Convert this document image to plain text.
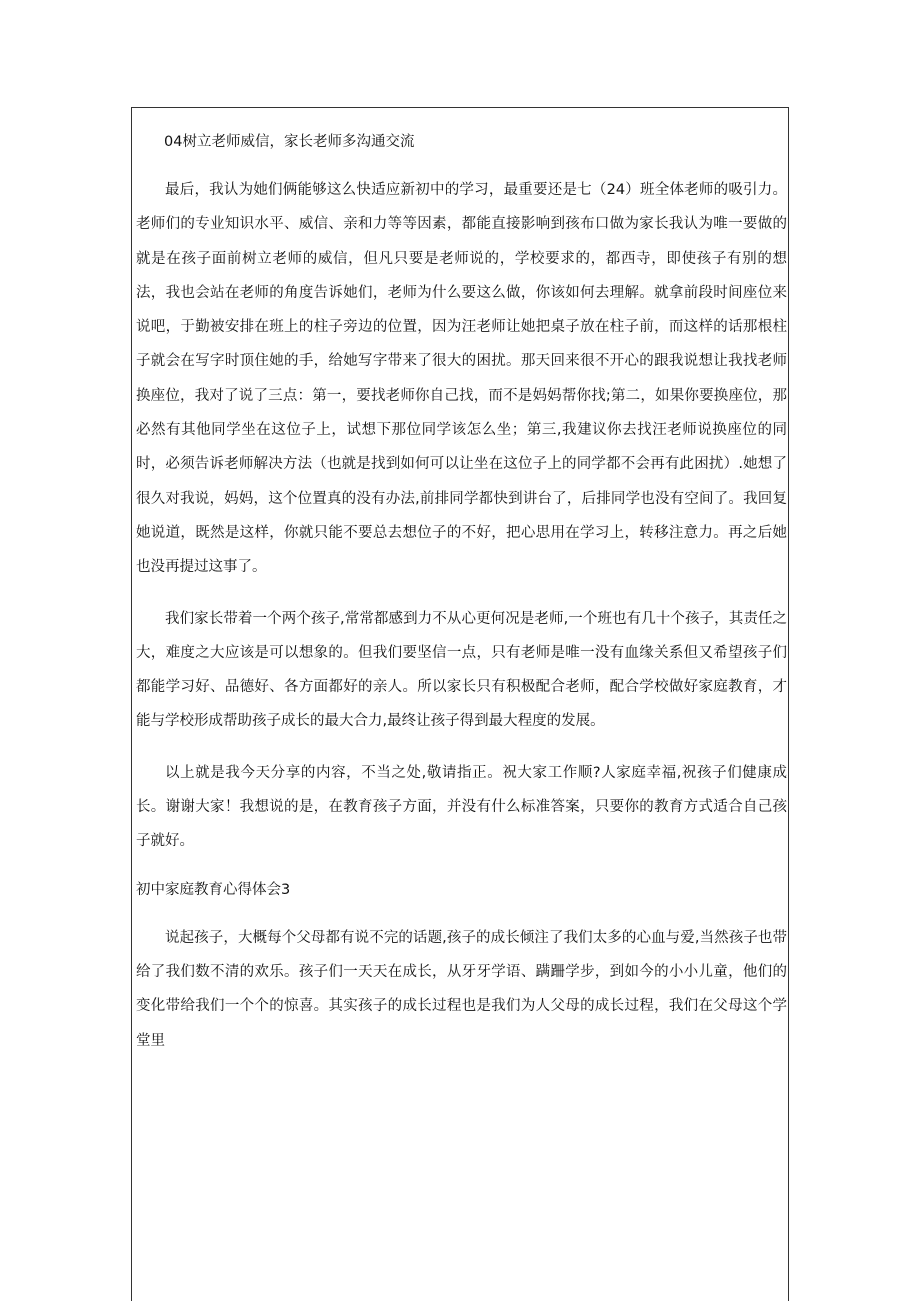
04树立老师威信，家长老师多沟通交流

最后，我认为她们俩能够这么快适应新初中的学习，最重要还是七（24）班全体老师的吸引力。老师们的专业知识水平、威信、亲和力等等因素，都能直接影响到孩布口做为家长我认为唯一要做的就是在孩子面前树立老师的威信，但凡只要是老师说的，学校要求的，都西寺，即使孩子有别的想法，我也会站在老师的角度告诉她们，老师为什么要这么做，你该如何去理解。就拿前段时间座位来说吧，于勤被安排在班上的柱子旁边的位置，因为汪老师让她把桌子放在柱子前，而这样的话那根柱子就会在写字时顶住她的手，给她写字带来了很大的困扰。那天回来很不开心的跟我说想让我找老师换座位，我对了说了三点：第一，要找老师你自己找，而不是妈妈帮你找;第二，如果你要换座位，那必然有其他同学坐在这位子上，试想下那位同学该怎么坐；第三,我建议你去找汪老师说换座位的同时，必须告诉老师解决方法（也就是找到如何可以让坐在这位子上的同学都不会再有此困扰）.她想了很久对我说，妈妈，这个位置真的没有办法,前排同学都快到讲台了，后排同学也没有空间了。我回复她说道，既然是这样，你就只能不要总去想位子的不好，把心思用在学习上，转移注意力。再之后她也没再提过这事了。

我们家长带着一个两个孩子,常常都感到力不从心更何况是老师,一个班也有几十个孩子，其责任之大，难度之大应该是可以想象的。但我们要坚信一点，只有老师是唯一没有血缘关系但又希望孩子们都能学习好、品德好、各方面都好的亲人。所以家长只有积极配合老师，配合学校做好家庭教育，才能与学校形成帮助孩子成长的最大合力,最终让孩子得到最大程度的发展。

以上就是我今天分享的内容，不当之处,敬请指正。祝大家工作顺?人家庭幸福,祝孩子们健康成长。谢谢大家！我想说的是，在教育孩子方面，并没有什么标准答案，只要你的教育方式适合自己孩子就好。

初中家庭教育心得体会3

说起孩子，大概每个父母都有说不完的话题,孩子的成长倾注了我们太多的心血与爱,当然孩子也带给了我们数不清的欢乐。孩子们一天天在成长，从牙牙学语、蹒跚学步，到如今的小小儿童，他们的变化带给我们一个个的惊喜。其实孩子的成长过程也是我们为人父母的成长过程，我们在父母这个学堂里
